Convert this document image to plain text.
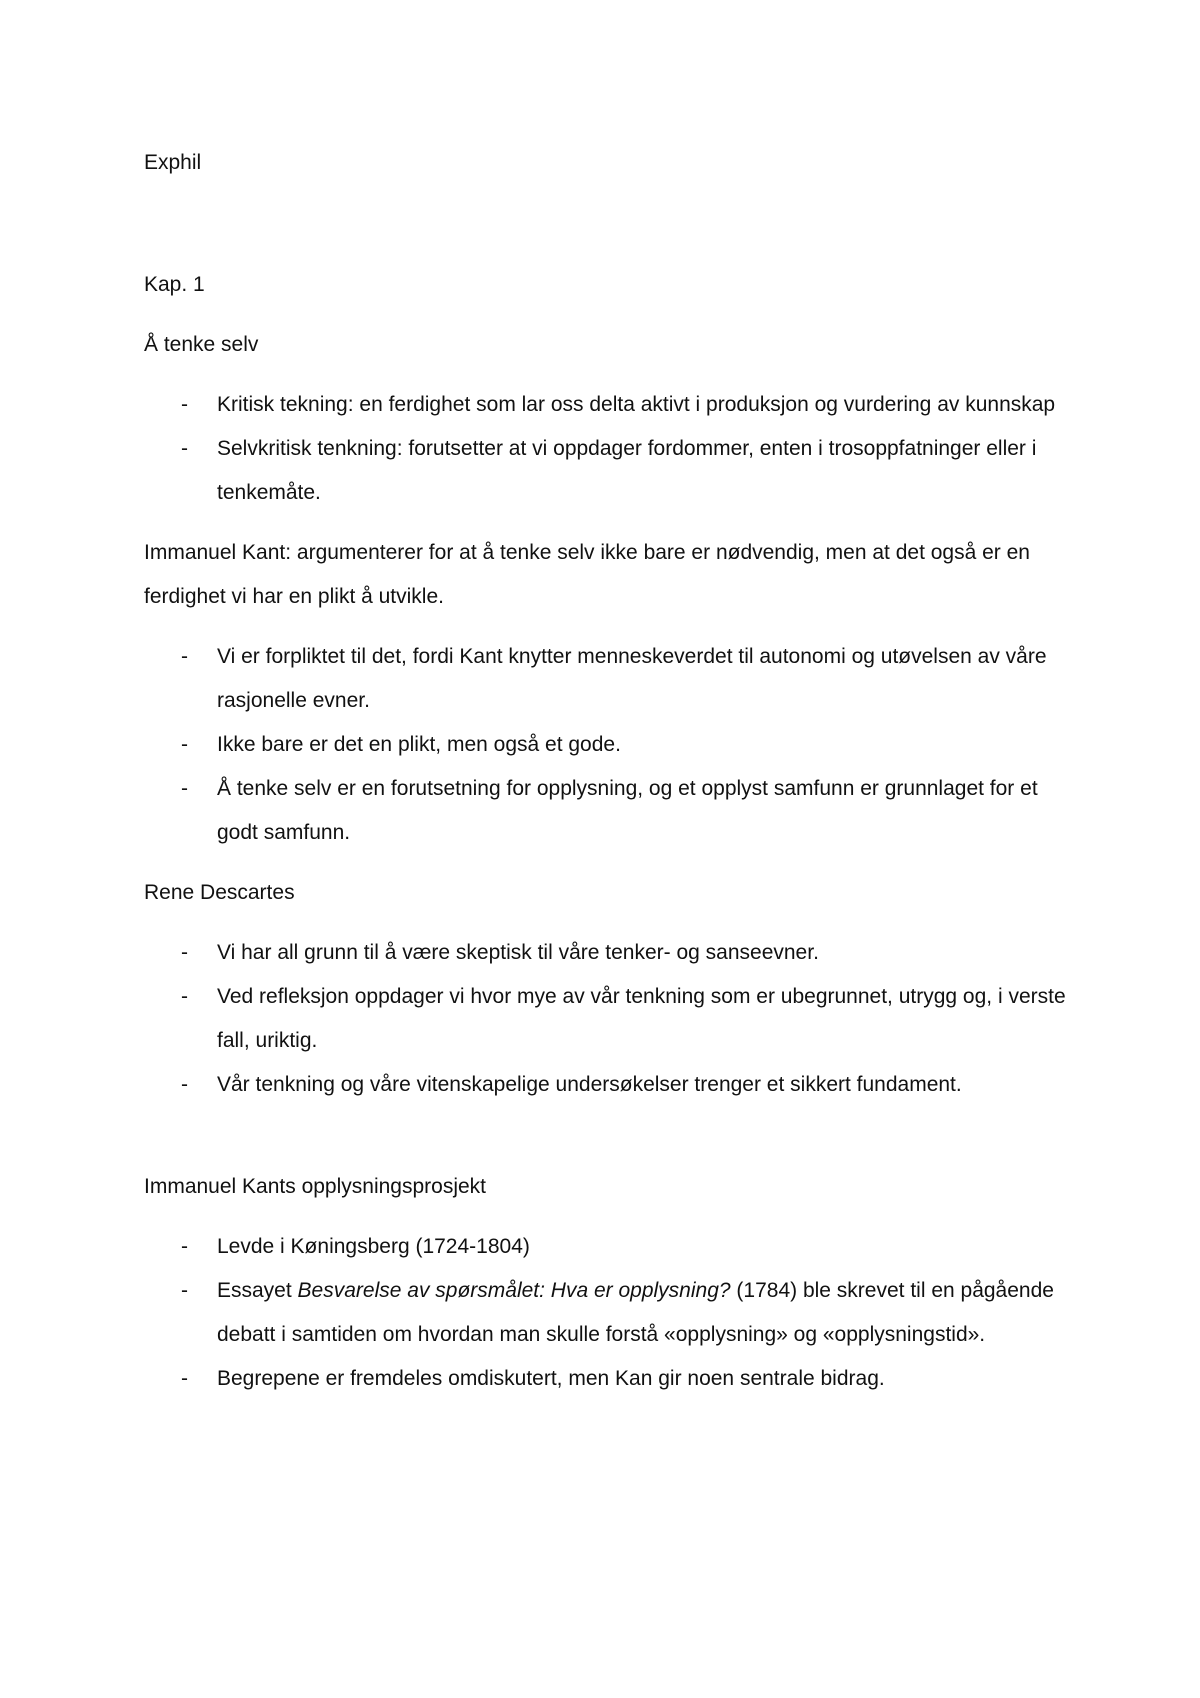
Exphil

Kap. 1

Å tenke selv

- Kritisk tekning: en ferdighet som lar oss delta aktivt i produksjon og vurdering av kunnskap
- Selvkritisk tenkning: forutsetter at vi oppdager fordommer, enten i trosoppfatninger eller i tenkemåte.

Immanuel Kant: argumenterer for at å tenke selv ikke bare er nødvendig, men at det også er en ferdighet vi har en plikt å utvikle.

- Vi er forpliktet til det, fordi Kant knytter menneskeverdet til autonomi og utøvelsen av våre rasjonelle evner.
- Ikke bare er det en plikt, men også et gode.
- Å tenke selv er en forutsetning for opplysning, og et opplyst samfunn er grunnlaget for et godt samfunn.

Rene Descartes

- Vi har all grunn til å være skeptisk til våre tenker- og sanseevner.
- Ved refleksjon oppdager vi hvor mye av vår tenkning som er ubegrunnet, utrygg og, i verste fall, uriktig.
- Vår tenkning og våre vitenskapelige undersøkelser trenger et sikkert fundament.

Immanuel Kants opplysningsprosjekt

- Levde i Køningsberg (1724-1804)
- Essayet Besvarelse av spørsmålet: Hva er opplysning? (1784) ble skrevet til en pågående debatt i samtiden om hvordan man skulle forstå «opplysning» og «opplysningstid».
- Begrepene er fremdeles omdiskutert, men Kan gir noen sentrale bidrag.
